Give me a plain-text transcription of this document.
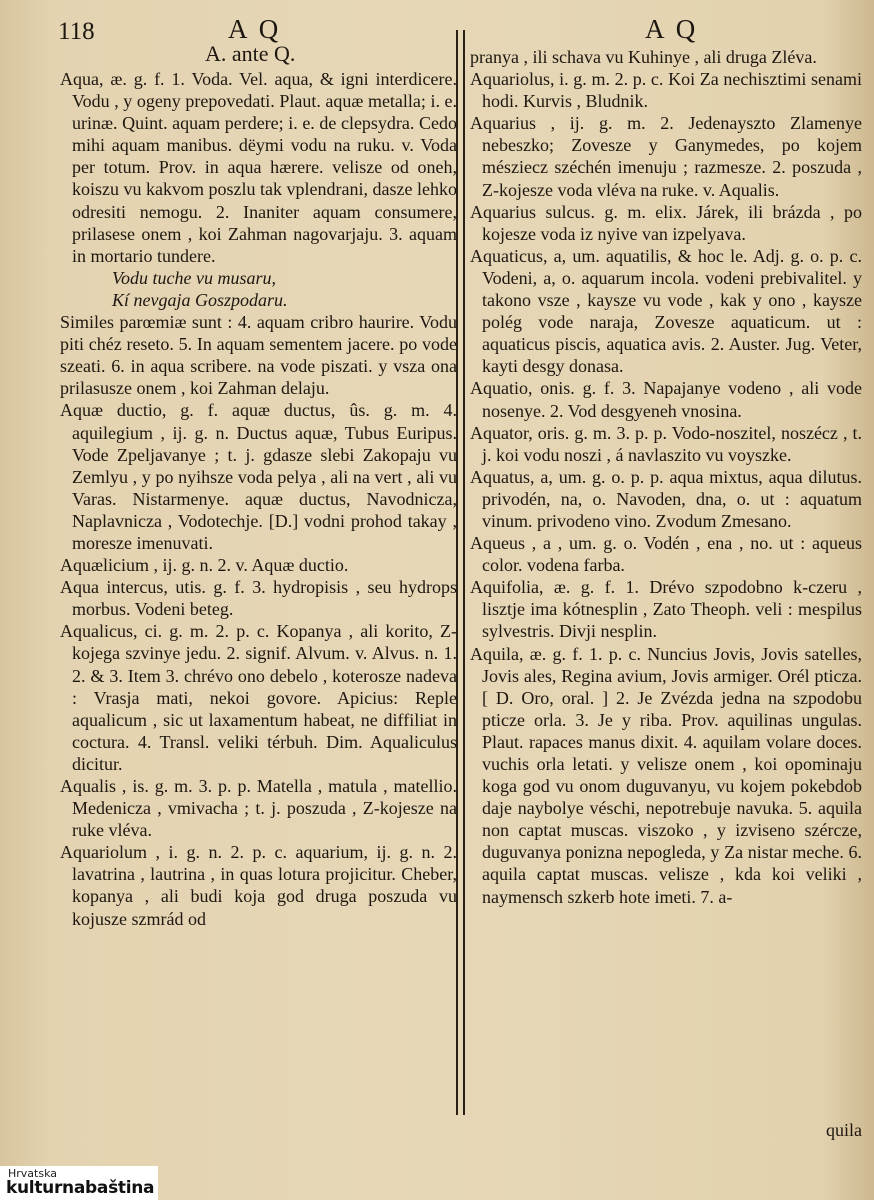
118	A Q	A Q
A. ante Q.

Aqua, æ. g. f. 1. Voda. Vel. aqua, & igni interdicere. Vodu , y ogeny prepovedati. Plaut. aquæ metalla; i. e. urinæ. Quint. aquam perdere; i. e. de clepsydra. Cedo mihi aquam manibus. dëymi vodu na ruku. v. Voda per totum. Prov. in aqua hærere. velisze od oneh, koiszu vu kakvom poszlu tak vplendrani, daszе lehko odresiti nemogu. 2. Inaniter aquam consumere, prilasese onem , koi Zahman nagovarjaju. 3. aquam in mortario tundere.

Vodu tuche vu musaru,

Kí nevgaja Goszpodaru.

Similes parœmiæ sunt : 4. aquam cribro haurire. Vodu piti chéz reseto. 5. In aquam sementem jacere. po vode szeati. 6. in aqua scribere. na vode piszati. y vsza ona prilasusze onem , koi Zahman delaju.

Aquæ ductio, g. f. aquæ ductus, ûs. g. m. 4. aquilegium , ij. g. n. Ductus aquæ, Tubus Euripus. Vode Zpeljavanye ; t. j. gdasze slebi Zakopaju vu Zemlyu , y po nyihsze voda pelya , ali na vert , ali vu Varas. Nistarmenye. aquæ ductus, Navodnicza, Naplavnicza , Vodotechje. [D.] vodni prohod takay , moresze imenuvati.

Aquælicium , ij. g. n. 2. v. Aquæ ductio.

Aqua intercus, utis. g. f. 3. hydropisis , seu hydrops morbus. Vodeni beteg.

Aqualicus, ci. g. m. 2. p. c. Kopanya , ali korito, Z-kojega szvinye jedu. 2. signif. Alvum. v. Alvus. n. 1. 2. & 3. Item 3. chrévo ono debelo , koterosze nadeva : Vrasja mati, nekoi govore. Apicius: Reple aqualicum , sic ut laxamentum habeat, ne diffiliat in coctura. 4. Transl. veliki térbuh. Dim. Aqualiculus dicitur.

Aqualis , is. g. m. 3. p. p. Matella , matula , matellio. Medenicza , vmivacha ; t. j. poszuda , Z-kojesze na ruke vléva.

Aquariolum , i. g. n. 2. p. c. aquarium, ij. g. n. 2. lavatrina , lautrina , in quas lotura projicitur. Cheber, kopanya , ali budi koja god druga poszuda vu kojusze szmrád od

pranya , ili schava vu Kuhinye , ali druga Zléva.

Aquariolus, i. g. m. 2. p. c. Koi Za nechisztimi senami hodi. Kurvis , Bludnik.

Aquarius , ij. g. m. 2. Jedenaysztо Zlamenye nebeszko; Zovesze y Ganymedes, po kojem mésziecz széchén imenuju ; razmesze. 2. poszuda , Z-kojesze voda vléva na ruke. v. Aqualis.

Aquarius sulcus. g. m. elix. Járek, ili brázda , po kojesze voda iz nyive van izpelyava.

Aquaticus, a, um. aquatilis, & hoc le. Adj. g. o. p. c. Vodeni, a, o. aquarum incola. vodeni prebivalitel. y takono vsze , kaysze vu vode , kak y ono , kaysze polég vode naraja, Zovesze aquaticum. ut : aquaticus piscis, aquatica avis. 2. Auster. Jug. Veter, kayti desgy donasa.

Aquatio, onis. g. f. 3. Napajanye vodeno , ali vode nosenye. 2. Vod desgyeneh vnosina.

Aquator, oris. g. m. 3. p. p. Vodo-noszitel, noszécz , t. j. koi vodu noszi , á navlaszito vu voyszke.

Aquatus, a, um. g. o. p. p. aqua mixtus, aqua dilutus. privodén, na, o. Navoden, dna, o. ut : aquatum vinum. privodeno vino. Zvodum Zmesano.

Aqueus , a , um. g. o. Vodén , ena , no. ut : aqueus color. vodena farba.

Aquifolia, æ. g. f. 1. Drévo szpodobno k-czeru , lisztje ima kótnesplin , Zato Theoph. veli : mespilus sylvestris. Divji nesplin.

Aquila, æ. g. f. 1. p. c. Nuncius Jovis, Jovis satelles, Jovis ales, Regina avium, Jovis armiger. Orél pticza. [ D. Oro, oral. ] 2. Je Zvézda jedna na szpodobu pticze orla. 3. Je y riba. Prov. aquilinas ungulas. Plaut. rapaces manus dixit. 4. aquilam volare doces. vuchis orla letati. y velisze onem , koi opominaju koga god vu onom duguvanyu, vu kojem pokebdob daje naybolye véschi, nepotrebuje navuka. 5. aquila non captat muscas. viszoko , y izviseno szércze, duguvanya ponizna nepogleda, y Za nistar mechе. 6. aquila captat muscas. velisze , kda koi veliki , naymensch szkerb hote imeti. 7. a-

quila
Hrvatska
kulturnabaština
